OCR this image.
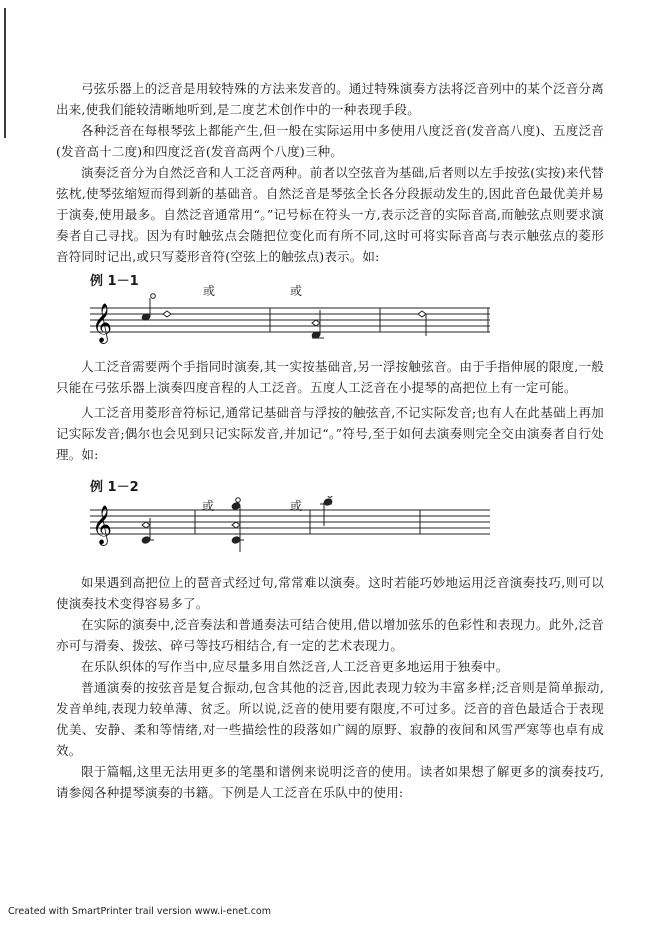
弓弦乐器上的泛音是用较特殊的方法来发音的。通过特殊演奏方法将泛音列中的某个泛音分离出来,使我们能较清晰地听到,是二度艺术创作中的一种表现手段。

各种泛音在每根琴弦上都能产生,但一般在实际运用中多使用八度泛音(发音高八度)、五度泛音(发音高十二度)和四度泛音(发音高两个八度)三种。

演奏泛音分为自然泛音和人工泛音两种。前者以空弦音为基础,后者则以左手按弦(实按)来代替弦枕,使琴弦缩短而得到新的基础音。自然泛音是琴弦全长各分段振动发生的,因此音色最优美并易于演奏,使用最多。自然泛音通常用“。”记号标在符头一方,表示泛音的实际音高,而触弦点则要求演奏者自己寻找。因为有时触弦点会随把位变化而有所不同,这时可将实际音高与表示触弦点的菱形音符同时记出,或只写菱形音符(空弦上的触弦点)表示。如:

例 1－1
𝄞
或	或

人工泛音需要两个手指同时演奏,其一实按基础音,另一浮按触弦音。由于手指伸展的限度,一般只能在弓弦乐器上演奏四度音程的人工泛音。五度人工泛音在小提琴的高把位上有一定可能。

人工泛音用菱形音符标记,通常记基础音与浮按的触弦音,不记实际发音;也有人在此基础上再加记实际发音;偶尔也会见到只记实际发音,并加记“。”符号,至于如何去演奏则完全交由演奏者自行处理。如:

例 1－2
𝄞	或	或

如果遇到高把位上的琶音式经过句,常常难以演奏。这时若能巧妙地运用泛音演奏技巧,则可以使演奏技术变得容易多了。

在实际的演奏中,泛音奏法和普通奏法可结合使用,借以增加弦乐的色彩性和表现力。此外,泛音亦可与滑奏、拨弦、碎弓等技巧相结合,有一定的艺术表现力。

在乐队织体的写作当中,应尽量多用自然泛音,人工泛音更多地运用于独奏中。

普通演奏的按弦音是复合振动,包含其他的泛音,因此表现力较为丰富多样;泛音则是简单振动,发音单纯,表现力较单薄、贫乏。所以说,泛音的使用要有限度,不可过多。泛音的音色最适合于表现优美、安静、柔和等情绪,对一些描绘性的段落如广阔的原野、寂静的夜间和风雪严寒等也卓有成效。

限于篇幅,这里无法用更多的笔墨和谱例来说明泛音的使用。读者如果想了解更多的演奏技巧,请参阅各种提琴演奏的书籍。下例是人工泛音在乐队中的使用:

Created with SmartPrinter trail version www.i-enet.com
